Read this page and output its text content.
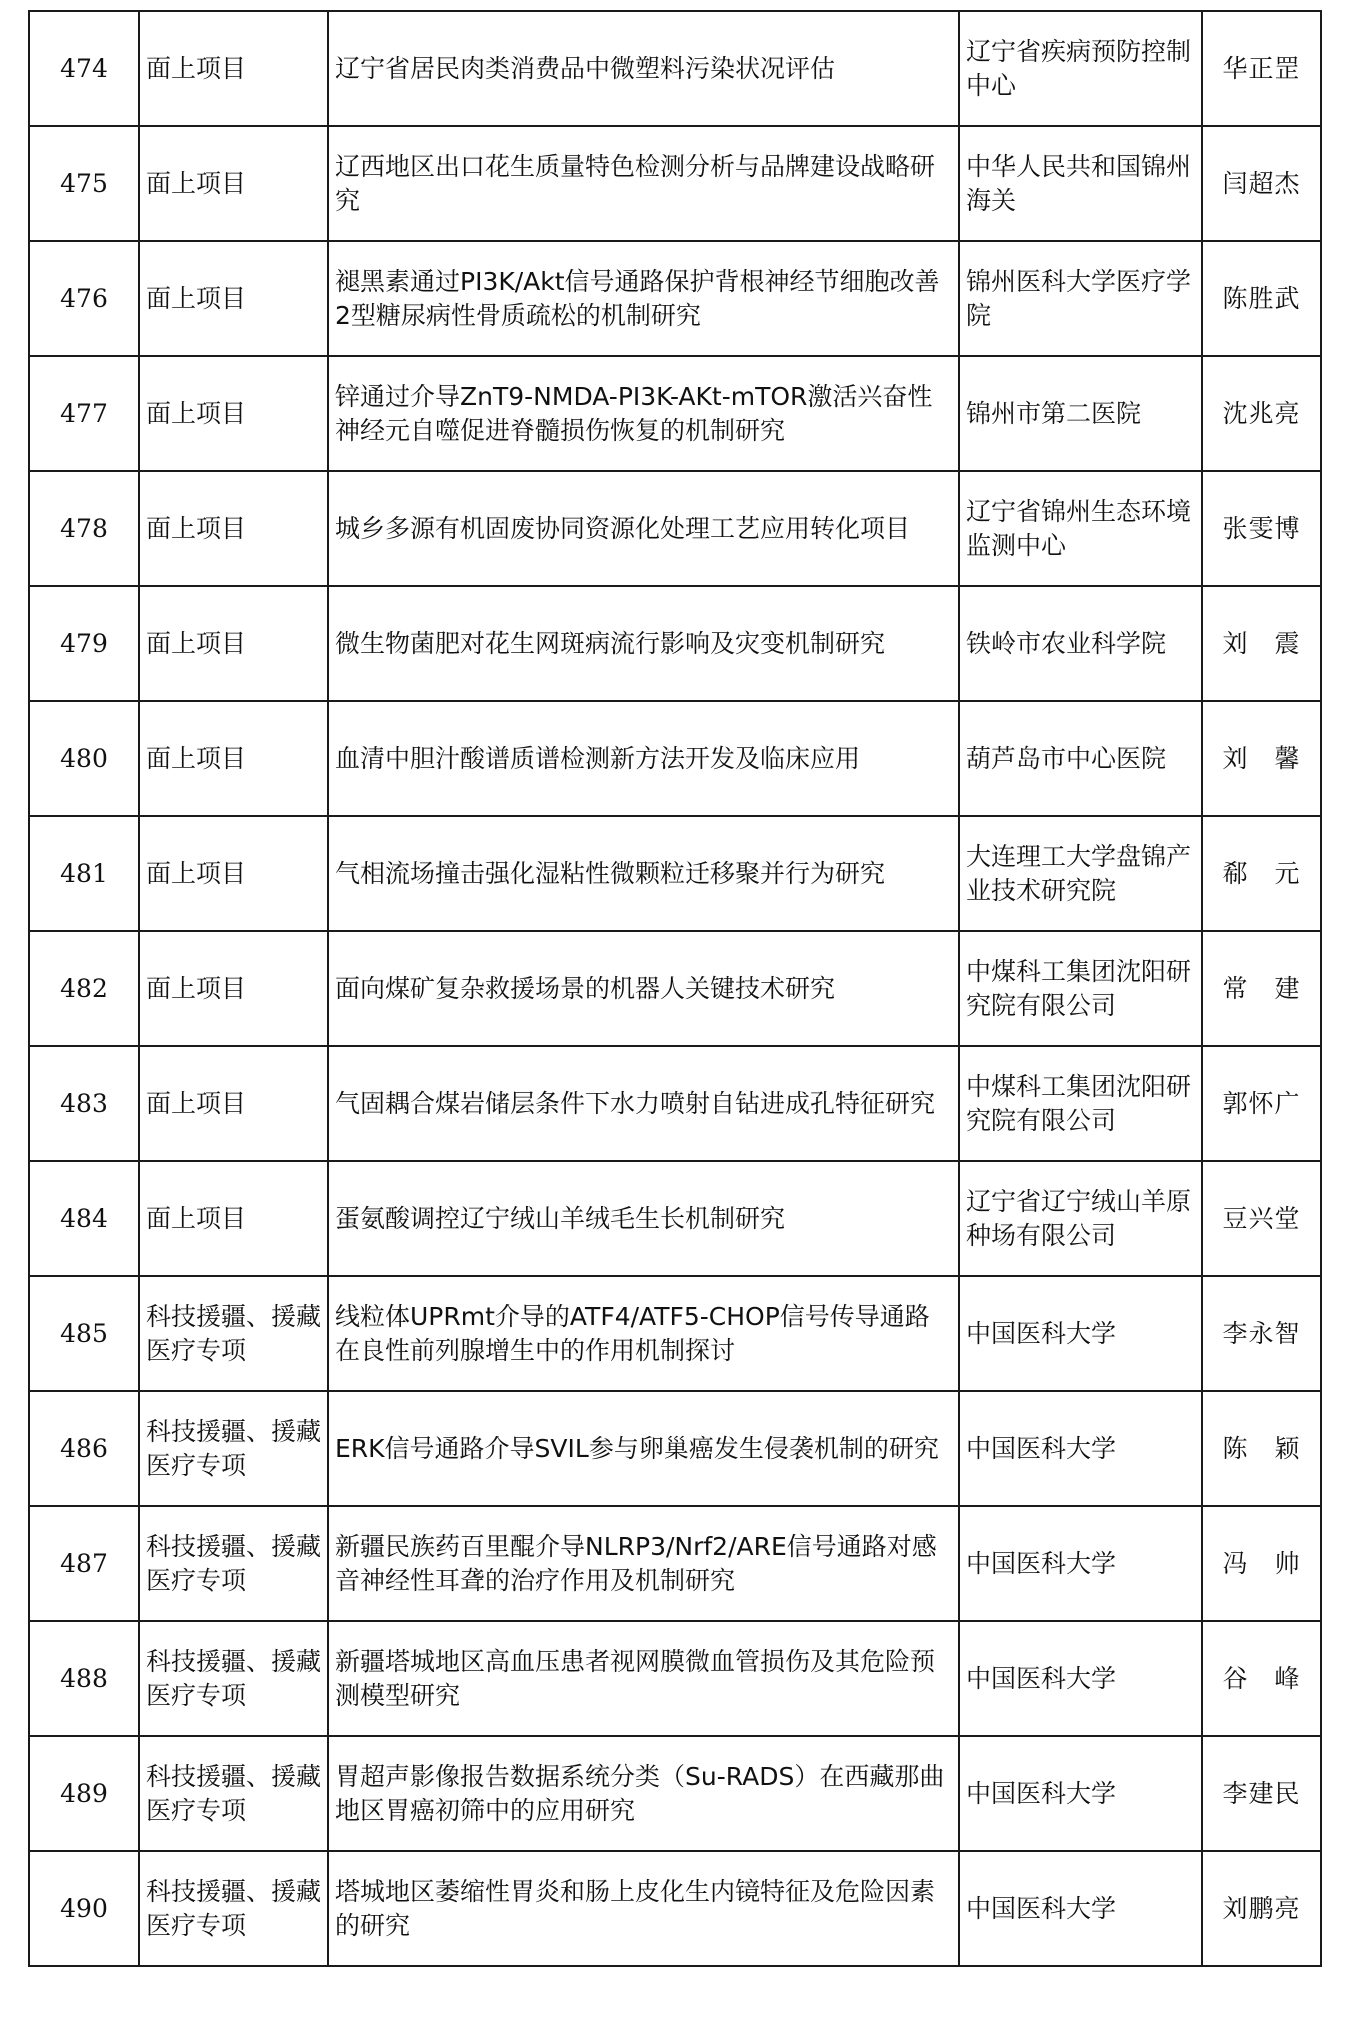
474	面上项目	辽宁省居民肉类消费品中微塑料污染状况评估	辽宁省疾病预防控制中心	华正罡
475	面上项目	辽西地区出口花生质量特色检测分析与品牌建设战略研究	中华人民共和国锦州海关	闫超杰
476	面上项目	褪黑素通过PI3K/Akt信号通路保护背根神经节细胞改善2型糖尿病性骨质疏松的机制研究	锦州医科大学医疗学院	陈胜武
477	面上项目	锌通过介导ZnT9-NMDA-PI3K-AKt-mTOR激活兴奋性神经元自噬促进脊髓损伤恢复的机制研究	锦州市第二医院	沈兆亮
478	面上项目	城乡多源有机固废协同资源化处理工艺应用转化项目	辽宁省锦州生态环境监测中心	张雯博
479	面上项目	微生物菌肥对花生网斑病流行影响及灾变机制研究	铁岭市农业科学院	刘　震
480	面上项目	血清中胆汁酸谱质谱检测新方法开发及临床应用	葫芦岛市中心医院	刘　馨
481	面上项目	气相流场撞击强化湿粘性微颗粒迁移聚并行为研究	大连理工大学盘锦产业技术研究院	郗　元
482	面上项目	面向煤矿复杂救援场景的机器人关键技术研究	中煤科工集团沈阳研究院有限公司	常　建
483	面上项目	气固耦合煤岩储层条件下水力喷射自钻进成孔特征研究	中煤科工集团沈阳研究院有限公司	郭怀广
484	面上项目	蛋氨酸调控辽宁绒山羊绒毛生长机制研究	辽宁省辽宁绒山羊原种场有限公司	豆兴堂
485	科技援疆、援藏医疗专项	线粒体UPRmt介导的ATF4/ATF5-CHOP信号传导通路在良性前列腺增生中的作用机制探讨	中国医科大学	李永智
486	科技援疆、援藏医疗专项	ERK信号通路介导SVIL参与卵巢癌发生侵袭机制的研究	中国医科大学	陈　颖
487	科技援疆、援藏医疗专项	新疆民族药百里醌介导NLRP3/Nrf2/ARE信号通路对感音神经性耳聋的治疗作用及机制研究	中国医科大学	冯　帅
488	科技援疆、援藏医疗专项	新疆塔城地区高血压患者视网膜微血管损伤及其危险预测模型研究	中国医科大学	谷　峰
489	科技援疆、援藏医疗专项	胃超声影像报告数据系统分类（Su-RADS）在西藏那曲地区胃癌初筛中的应用研究	中国医科大学	李建民
490	科技援疆、援藏医疗专项	塔城地区萎缩性胃炎和肠上皮化生内镜特征及危险因素的研究	中国医科大学	刘鹏亮
